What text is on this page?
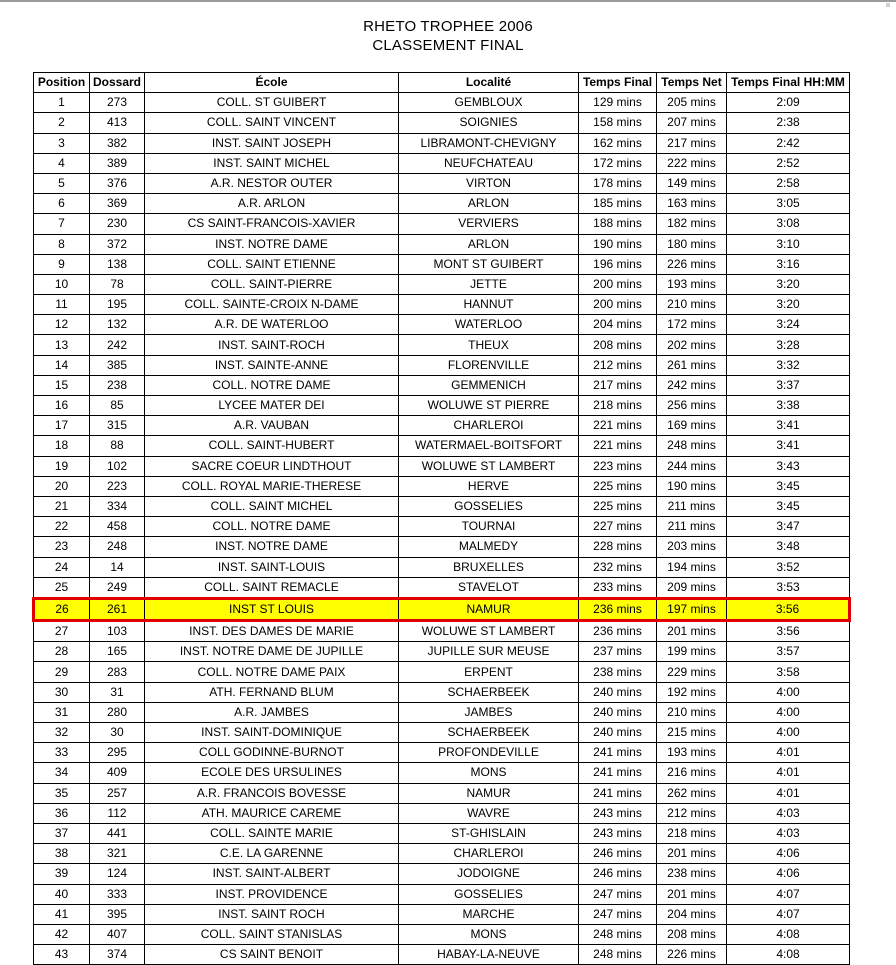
RHETO TROPHEE 2006
CLASSEMENT FINAL
Position	Dossard	École	Localité	Temps Final	Temps Net	Temps Final HH:MM
1	273	COLL. ST GUIBERT	GEMBLOUX	129 mins	205 mins	2:09
2	413	COLL. SAINT VINCENT	SOIGNIES	158 mins	207 mins	2:38
3	382	INST. SAINT JOSEPH	LIBRAMONT-CHEVIGNY	162 mins	217 mins	2:42
4	389	INST. SAINT MICHEL	NEUFCHATEAU	172 mins	222 mins	2:52
5	376	A.R. NESTOR OUTER	VIRTON	178 mins	149 mins	2:58
6	369	A.R. ARLON	ARLON	185 mins	163 mins	3:05
7	230	CS SAINT-FRANCOIS-XAVIER	VERVIERS	188 mins	182 mins	3:08
8	372	INST. NOTRE DAME	ARLON	190 mins	180 mins	3:10
9	138	COLL. SAINT ETIENNE	MONT ST GUIBERT	196 mins	226 mins	3:16
10	78	COLL. SAINT-PIERRE	JETTE	200 mins	193 mins	3:20
11	195	COLL. SAINTE-CROIX N-DAME	HANNUT	200 mins	210 mins	3:20
12	132	A.R. DE WATERLOO	WATERLOO	204 mins	172 mins	3:24
13	242	INST. SAINT-ROCH	THEUX	208 mins	202 mins	3:28
14	385	INST. SAINTE-ANNE	FLORENVILLE	212 mins	261 mins	3:32
15	238	COLL. NOTRE DAME	GEMMENICH	217 mins	242 mins	3:37
16	85	LYCEE MATER DEI	WOLUWE ST PIERRE	218 mins	256 mins	3:38
17	315	A.R. VAUBAN	CHARLEROI	221 mins	169 mins	3:41
18	88	COLL. SAINT-HUBERT	WATERMAEL-BOITSFORT	221 mins	248 mins	3:41
19	102	SACRE COEUR LINDTHOUT	WOLUWE ST LAMBERT	223 mins	244 mins	3:43
20	223	COLL. ROYAL MARIE-THERESE	HERVE	225 mins	190 mins	3:45
21	334	COLL. SAINT MICHEL	GOSSELIES	225 mins	211 mins	3:45
22	458	COLL. NOTRE DAME	TOURNAI	227 mins	211 mins	3:47
23	248	INST. NOTRE DAME	MALMEDY	228 mins	203 mins	3:48
24	14	INST. SAINT-LOUIS	BRUXELLES	232 mins	194 mins	3:52
25	249	COLL. SAINT REMACLE	STAVELOT	233 mins	209 mins	3:53
26	261	INST ST LOUIS	NAMUR	236 mins	197 mins	3:56
27	103	INST. DES DAMES DE MARIE	WOLUWE ST LAMBERT	236 mins	201 mins	3:56
28	165	INST. NOTRE DAME DE JUPILLE	JUPILLE SUR MEUSE	237 mins	199 mins	3:57
29	283	COLL. NOTRE DAME PAIX	ERPENT	238 mins	229 mins	3:58
30	31	ATH. FERNAND BLUM	SCHAERBEEK	240 mins	192 mins	4:00
31	280	A.R. JAMBES	JAMBES	240 mins	210 mins	4:00
32	30	INST. SAINT-DOMINIQUE	SCHAERBEEK	240 mins	215 mins	4:00
33	295	COLL GODINNE-BURNOT	PROFONDEVILLE	241 mins	193 mins	4:01
34	409	ECOLE DES URSULINES	MONS	241 mins	216 mins	4:01
35	257	A.R. FRANCOIS BOVESSE	NAMUR	241 mins	262 mins	4:01
36	112	ATH. MAURICE CAREME	WAVRE	243 mins	212 mins	4:03
37	441	COLL. SAINTE MARIE	ST-GHISLAIN	243 mins	218 mins	4:03
38	321	C.E. LA GARENNE	CHARLEROI	246 mins	201 mins	4:06
39	124	INST. SAINT-ALBERT	JODOIGNE	246 mins	238 mins	4:06
40	333	INST. PROVIDENCE	GOSSELIES	247 mins	201 mins	4:07
41	395	INST. SAINT ROCH	MARCHE	247 mins	204 mins	4:07
42	407	COLL. SAINT STANISLAS	MONS	248 mins	208 mins	4:08
43	374	CS SAINT BENOIT	HABAY-LA-NEUVE	248 mins	226 mins	4:08
